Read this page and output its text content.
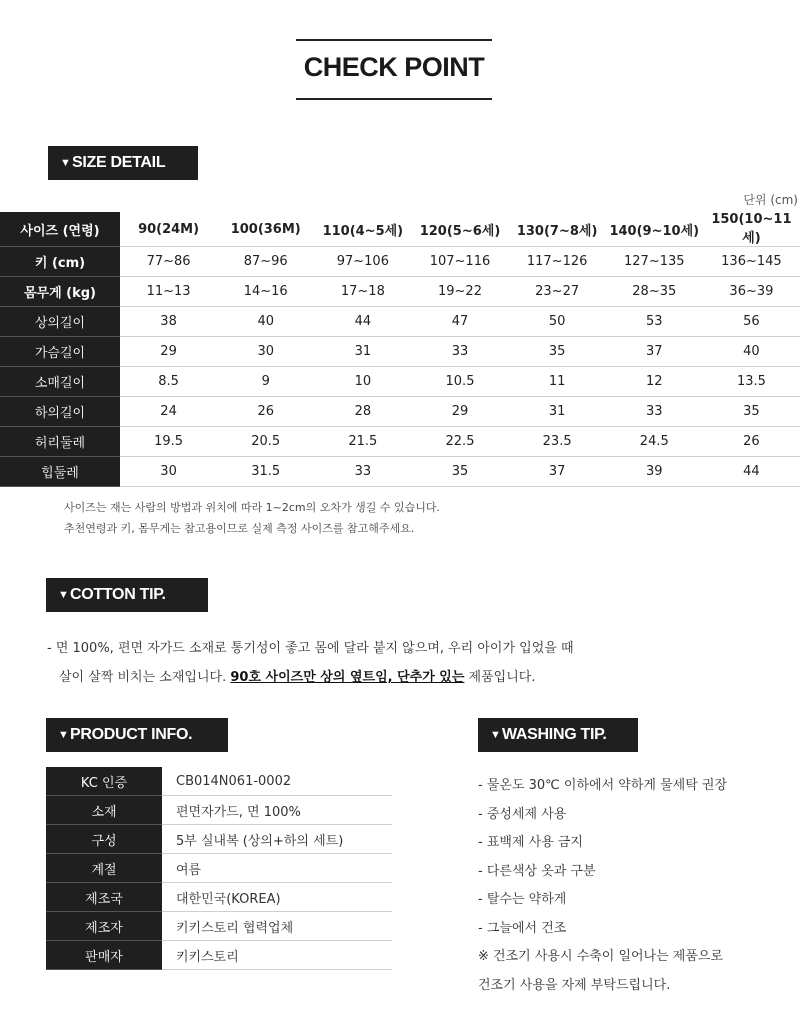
CHECK POINT
▼ SIZE DETAIL
단위 (cm)
사이즈 (연령)	90(24M)	100(36M)	110(4~5세)	120(5~6세)	130(7~8세)	140(9~10세)	150(10~11세)
키 (cm)	77~86	87~96	97~106	107~116	117~126	127~135	136~145
몸무게 (kg)	11~13	14~16	17~18	19~22	23~27	28~35	36~39
상의길이	38	40	44	47	50	53	56
가슴길이	29	30	31	33	35	37	40
소매길이	8.5	9	10	10.5	11	12	13.5
하의길이	24	26	28	29	31	33	35
허리둘레	19.5	20.5	21.5	22.5	23.5	24.5	26
힙둘레	30	31.5	33	35	37	39	44
사이즈는 재는 사람의 방법과 위치에 따라 1~2cm의 오차가 생길 수 있습니다.
추천연령과 키, 몸무게는 참고용이므로 실제 측정 사이즈를 참고해주세요.
▼ COTTON TIP.
- 면 100%, 편면 자가드 소재로 통기성이 좋고 몸에 달라 붙지 않으며, 우리 아이가 입었을 때
살이 살짝 비치는 소재입니다. 90호 사이즈만 상의 옆트임, 단추가 있는 제품입니다.
▼ PRODUCT INFO.
KC 인증	CB014N061-0002
소재	편면자가드, 면 100%
구성	5부 실내복 (상의+하의 세트)
계절	여름
제조국	대한민국(KOREA)
제조자	키키스토리 협력업체
판매자	키키스토리
▼ WASHING TIP.
- 물온도 30℃ 이하에서 약하게 물세탁 권장
- 중성세제 사용
- 표백제 사용 금지
- 다른색상 옷과 구분
- 탈수는 약하게
- 그늘에서 건조
※ 건조기 사용시 수축이 일어나는 제품으로
건조기 사용을 자제 부탁드립니다.
